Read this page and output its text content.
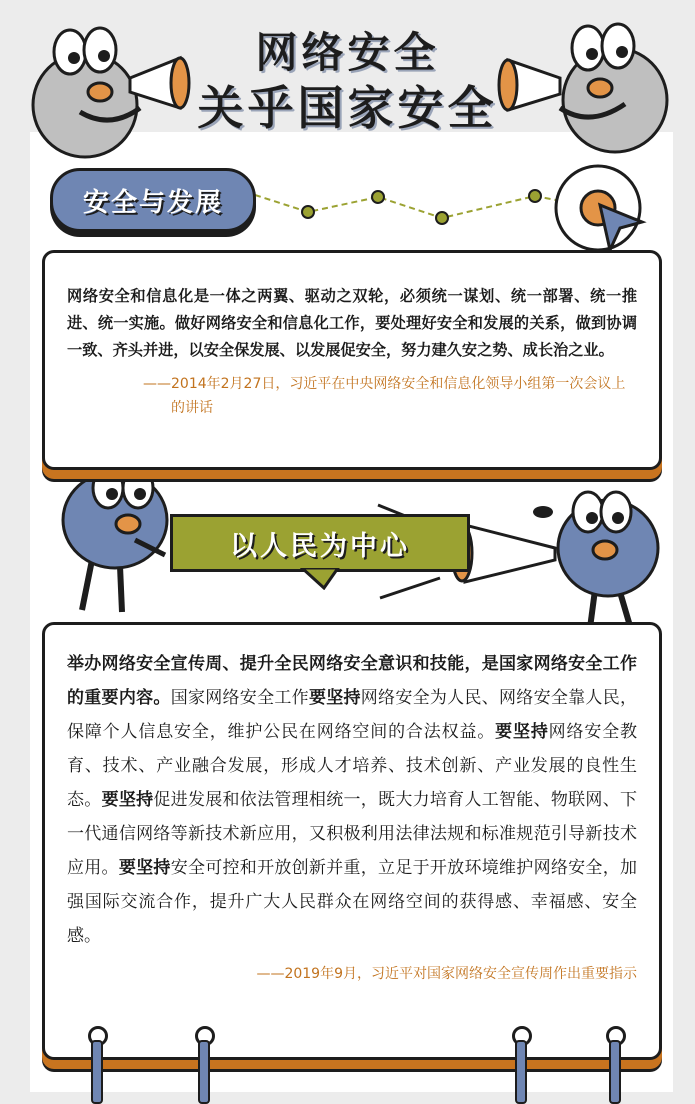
网络安全
关乎国家安全
安全与发展

网络安全和信息化是一体之两翼、驱动之双轮，必须统一谋划、统一部署、统一推进、统一实施。做好网络安全和信息化工作，要处理好安全和发展的关系，做到协调一致、齐头并进，以安全保发展、以发展促安全，努力建久安之势、成长治之业。

——2014年2月27日，习近平在中央网络安全和信息化领导小组第一次会议上的讲话

以人民为中心

举办网络安全宣传周、提升全民网络安全意识和技能，是国家网络安全工作的重要内容。国家网络安全工作要坚持网络安全为人民、网络安全靠人民，保障个人信息安全，维护公民在网络空间的合法权益。要坚持网络安全教育、技术、产业融合发展，形成人才培养、技术创新、产业发展的良性生态。要坚持促进发展和依法管理相统一，既大力培育人工智能、物联网、下一代通信网络等新技术新应用，又积极利用法律法规和标准规范引导新技术应用。要坚持安全可控和开放创新并重，立足于开放环境维护网络安全，加强国际交流合作，提升广大人民群众在网络空间的获得感、幸福感、安全感。

——2019年9月，习近平对国家网络安全宣传周作出重要指示
